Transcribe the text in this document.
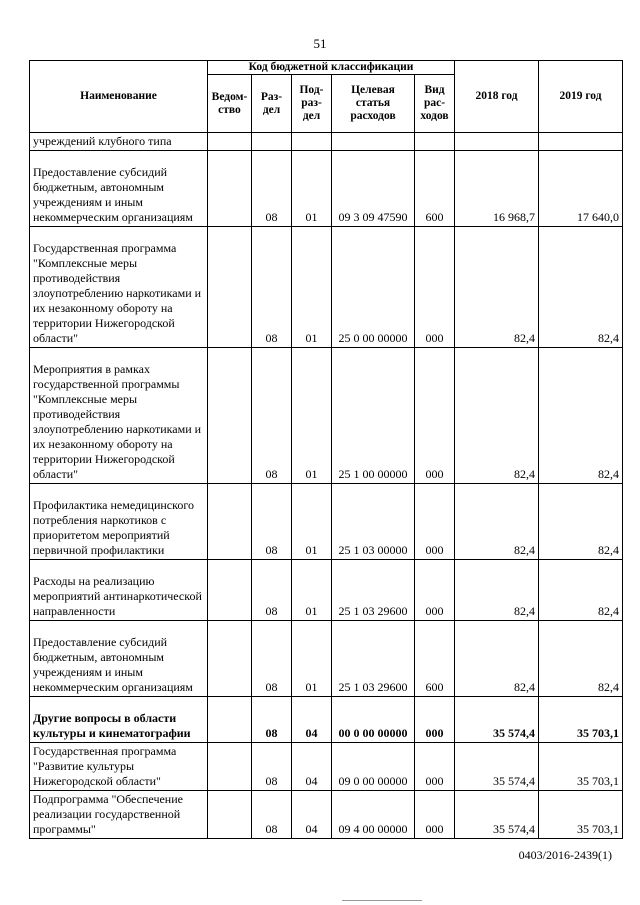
51
Наименование	Код бюджетной классификации					2018 год	2019 год
	Ведом-ство	Раз-дел	Под-раз-дел	Целевая статья расходов	Вид рас-ходов		
учреждений клубного типа							
Предоставление субсидий бюджетным, автономным учреждениям и иным некоммерческим организациям		08	01	09 3 09 47590	600	16 968,7	17 640,0
Государственная программа "Комплексные меры противодействия злоупотреблению наркотиками и их незаконному обороту на территории Нижегородской области"		08	01	25 0 00 00000	000	82,4	82,4
Мероприятия в рамках государственной программы "Комплексные меры противодействия злоупотреблению наркотиками и их незаконному обороту на территории Нижегородской области"		08	01	25 1 00 00000	000	82,4	82,4
Профилактика немедицинского потребления наркотиков с приоритетом мероприятий первичной профилактики		08	01	25 1 03 00000	000	82,4	82,4
Расходы на реализацию мероприятий антинаркотической направленности		08	01	25 1 03 29600	000	82,4	82,4
Предоставление субсидий бюджетным, автономным учреждениям и иным некоммерческим организациям		08	01	25 1 03 29600	600	82,4	82,4
Другие вопросы в области культуры и кинематографии		08	04	00 0 00 00000	000	35 574,4	35 703,1
Государственная программа "Развитие культуры Нижегородской области"		08	04	09 0 00 00000	000	35 574,4	35 703,1
Подпрограмма "Обеспечение реализации государственной программы"		08	04	09 4 00 00000	000	35 574,4	35 703,1
0403/2016-2439(1)
